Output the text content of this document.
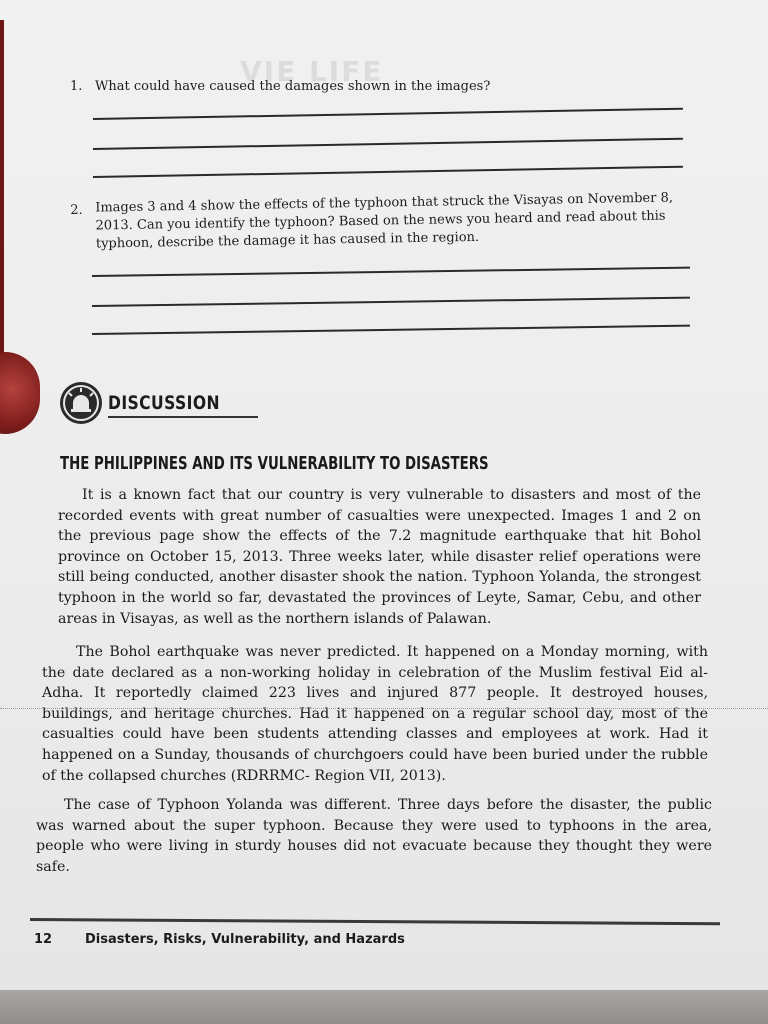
VIE LIFE
1. What could have caused the damages shown in the images?
2. Images 3 and 4 show the effects of the typhoon that struck the Visayas on November 8, 2013. Can you identify the typhoon? Based on the news you heard and read about this typhoon, describe the damage it has caused in the region.
DISCUSSION
THE PHILIPPINES AND ITS VULNERABILITY TO DISASTERS

It is a known fact that our country is very vulnerable to disasters and most of the recorded events with great number of casualties were unexpected. Images 1 and 2 on the previous page show the effects of the 7.2 magnitude earthquake that hit Bohol province on October 15, 2013. Three weeks later, while disaster relief operations were still being conducted, another disaster shook the nation. Typhoon Yolanda, the strongest typhoon in the world so far, devastated the provinces of Leyte, Samar, Cebu, and other areas in Visayas, as well as the northern islands of Palawan.

The Bohol earthquake was never predicted. It happened on a Monday morning, with the date declared as a non-working holiday in celebration of the Muslim festival Eid al-Adha. It reportedly claimed 223 lives and injured 877 people. It destroyed houses, buildings, and heritage churches. Had it happened on a regular school day, most of the casualties could have been students attending classes and employees at work. Had it happened on a Sunday, thousands of churchgoers could have been buried under the rubble of the collapsed churches (RDRRMC- Region VII, 2013).

The case of Typhoon Yolanda was different. Three days before the disaster, the public was warned about the super typhoon. Because they were used to typhoons in the area, people who were living in sturdy houses did not evacuate because they thought they were safe.

12	Disasters, Risks, Vulnerability, and Hazards
